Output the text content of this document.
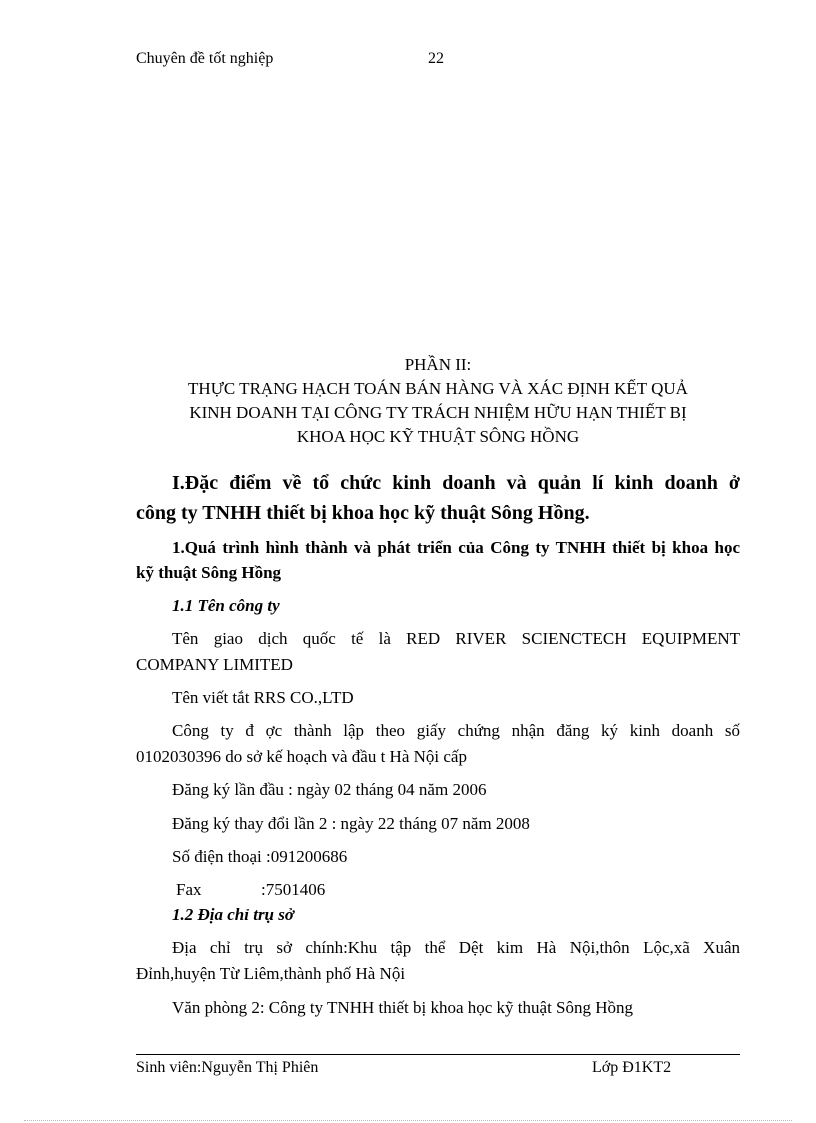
Chuyên đề tốt nghiệp	22
PHẦN II:
THỰC TRẠNG HẠCH TOÁN BÁN HÀNG VÀ XÁC ĐỊNH KẾT QUẢ
KINH DOANH TẠI CÔNG TY TRÁCH NHIỆM HỮU HẠN THIẾT BỊ
KHOA HỌC KỸ THUẬT SÔNG HỒNG
I.Đặc điểm về tổ chức kinh doanh và quản lí kinh doanh ở
công ty TNHH thiết bị khoa học kỹ thuật Sông Hồng.
1.Quá trình hình thành và phát triển của Công ty TNHH thiết bị khoa học
kỹ thuật Sông Hồng
1.1 Tên công ty
Tên giao dịch quốc tế là RED RIVER SCIENCTECH EQUIPMENT
COMPANY LIMITED
Tên viết tắt RRS CO.,LTD
Công ty đ ợc thành lập theo giấy chứng nhận đăng ký kinh doanh số
0102030396 do sở kế hoạch và đầu t Hà Nội cấp
Đăng ký lần đầu : ngày 02 tháng 04 năm 2006
Đăng ký thay đổi lần 2 : ngày 22 tháng 07 năm 2008
Số điện thoại :091200686
Fax	:7501406
1.2 Địa chỉ trụ sở
Địa chỉ trụ sở chính:Khu tập thể Dệt kim Hà Nội,thôn Lộc,xã Xuân
Đỉnh,huyện Từ Liêm,thành phố Hà Nội
Văn phòng 2: Công ty TNHH thiết bị khoa học kỹ thuật Sông Hồng
Sinh viên:Nguyễn Thị Phiên	Lớp Đ1KT2
